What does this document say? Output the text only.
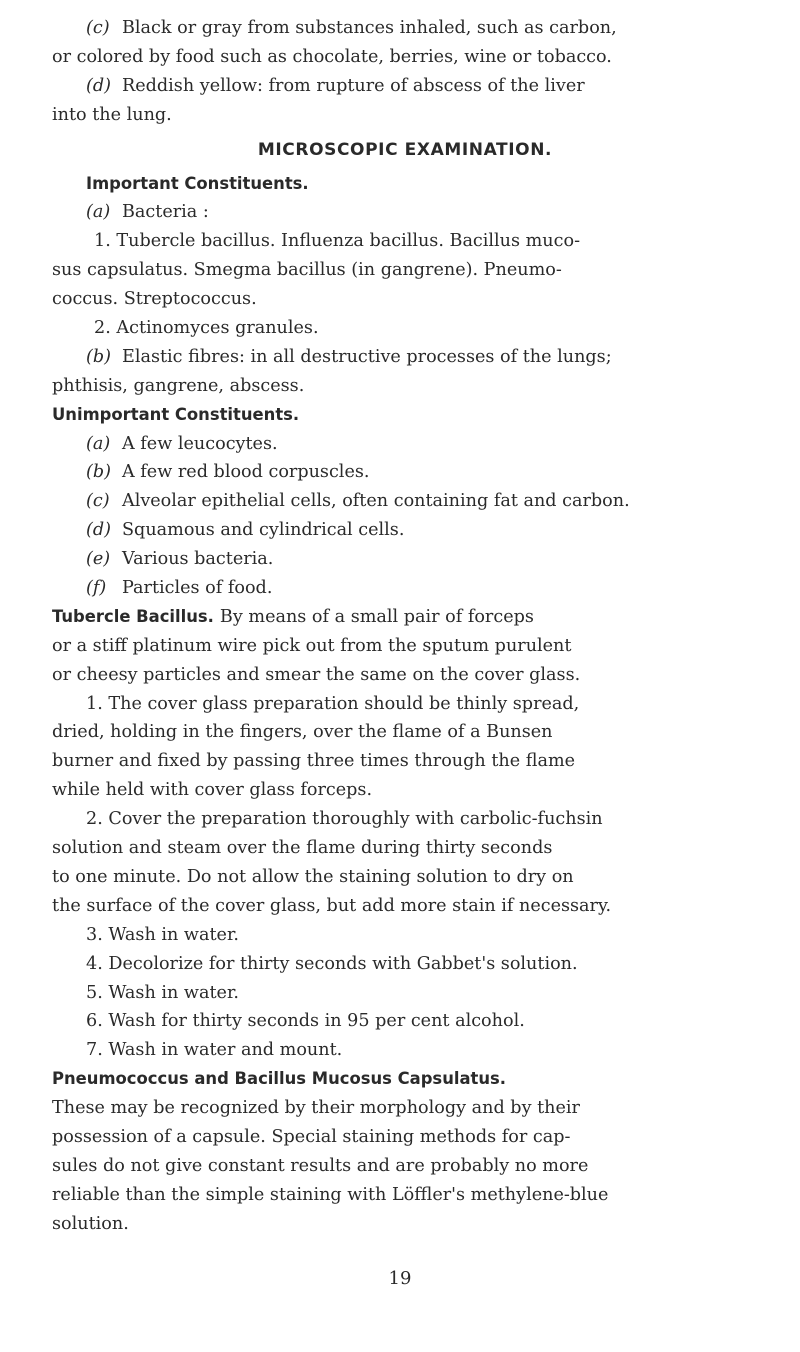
(c) Black or gray from substances inhaled, such as carbon,
or colored by food such as chocolate, berries, wine or tobacco.
(d) Reddish yellow: from rupture of abscess of the liver
into the lung.
MICROSCOPIC EXAMINATION.
Important Constituents.
(a) Bacteria :
1. Tubercle bacillus. Influenza bacillus. Bacillus muco-
sus capsulatus. Smegma bacillus (in gangrene). Pneumo-
coccus. Streptococcus.
2. Actinomyces granules.
(b) Elastic fibres: in all destructive processes of the lungs;
phthisis, gangrene, abscess.
Unimportant Constituents.
(a) A few leucocytes.
(b) A few red blood corpuscles.
(c) Alveolar epithelial cells, often containing fat and carbon.
(d) Squamous and cylindrical cells.
(e) Various bacteria.
(f) Particles of food.
Tubercle Bacillus. By means of a small pair of forceps
or a stiff platinum wire pick out from the sputum purulent
or cheesy particles and smear the same on the cover glass.
1. The cover glass preparation should be thinly spread,
dried, holding in the fingers, over the flame of a Bunsen
burner and fixed by passing three times through the flame
while held with cover glass forceps.
2. Cover the preparation thoroughly with carbolic-fuchsin
solution and steam over the flame during thirty seconds
to one minute. Do not allow the staining solution to dry on
the surface of the cover glass, but add more stain if necessary.
3. Wash in water.
4. Decolorize for thirty seconds with Gabbet's solution.
5. Wash in water.
6. Wash for thirty seconds in 95 per cent alcohol.
7. Wash in water and mount.
Pneumococcus and Bacillus Mucosus Capsulatus.
These may be recognized by their morphology and by their
possession of a capsule. Special staining methods for cap-
sules do not give constant results and are probably no more
reliable than the simple staining with Löffler's methylene-blue
solution.
19
